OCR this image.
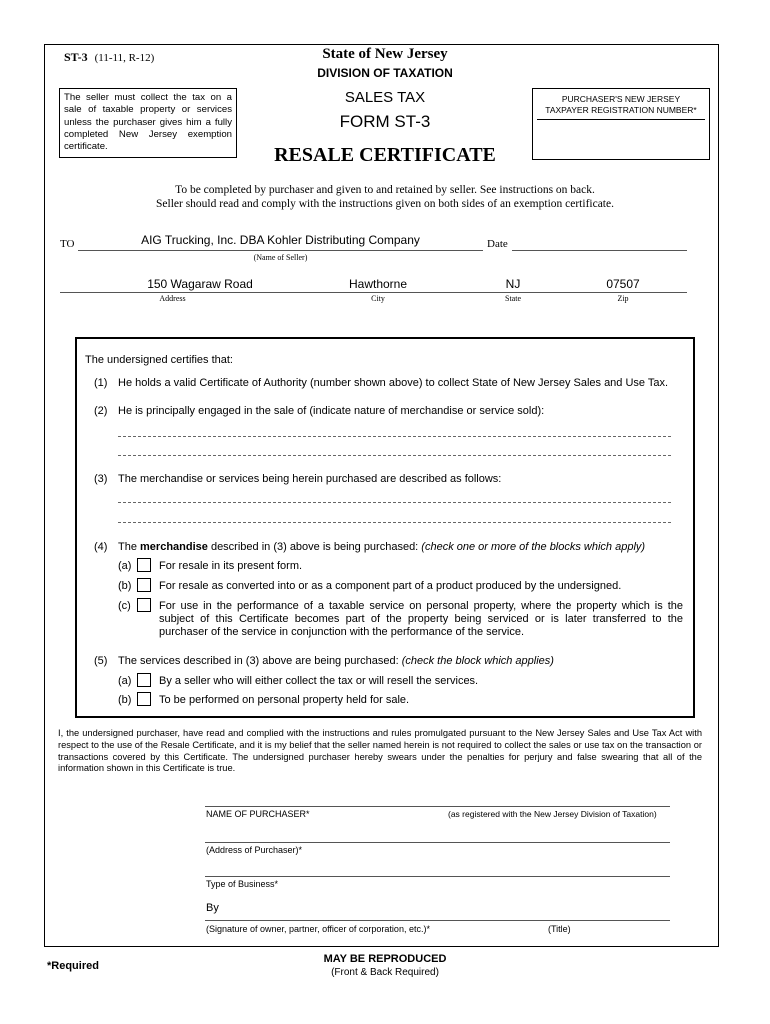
ST-3 (11-11, R-12)	State of New Jersey
DIVISION OF TAXATION
The seller must collect the tax on a sale of taxable property or services unless the purchaser gives him a fully completed New Jersey exemption certificate.
SALES TAX
FORM ST-3
RESALE CERTIFICATE
PURCHASER'S NEW JERSEY
TAXPAYER REGISTRATION NUMBER*
To be completed by purchaser and given to and retained by seller. See instructions on back.
Seller should read and comply with the instructions given on both sides of an exemption certificate.
TO	AIG Trucking, Inc. DBA Kohler Distributing Company
(Name of Seller)
Date
150 Wagaraw Road	Hawthorne	NJ	07507
Address	City	State	Zip
The undersigned certifies that:
(1) He holds a valid Certificate of Authority (number shown above) to collect State of New Jersey Sales and Use Tax.
(2) He is principally engaged in the sale of (indicate nature of merchandise or service sold):
(3) The merchandise or services being herein purchased are described as follows:
(4) The merchandise described in (3) above is being purchased: (check one or more of the blocks which apply)
(a)	For resale in its present form.
(b)	For resale as converted into or as a component part of a product produced by the undersigned.
(c)	For use in the performance of a taxable service on personal property, where the property which is the subject of this Certificate becomes part of the property being serviced or is later transferred to the purchaser of the service in conjunction with the performance of the service.
(5) The services described in (3) above are being purchased: (check the block which applies)
(a)	By a seller who will either collect the tax or will resell the services.
(b)	To be performed on personal property held for sale.
I, the undersigned purchaser, have read and complied with the instructions and rules promulgated pursuant to the New Jersey Sales and Use Tax Act with respect to the use of the Resale Certificate, and it is my belief that the seller named herein is not required to collect the sales or use tax on the transaction or transactions covered by this Certificate. The undersigned purchaser hereby swears under the penalties for perjury and false swearing that all of the information shown in this Certificate is true.
NAME OF PURCHASER*	(as registered with the New Jersey Division of Taxation)
(Address of Purchaser)*
Type of Business*
By
(Signature of owner, partner, officer of corporation, etc.)*	(Title)
*Required
MAY BE REPRODUCED
(Front & Back Required)
